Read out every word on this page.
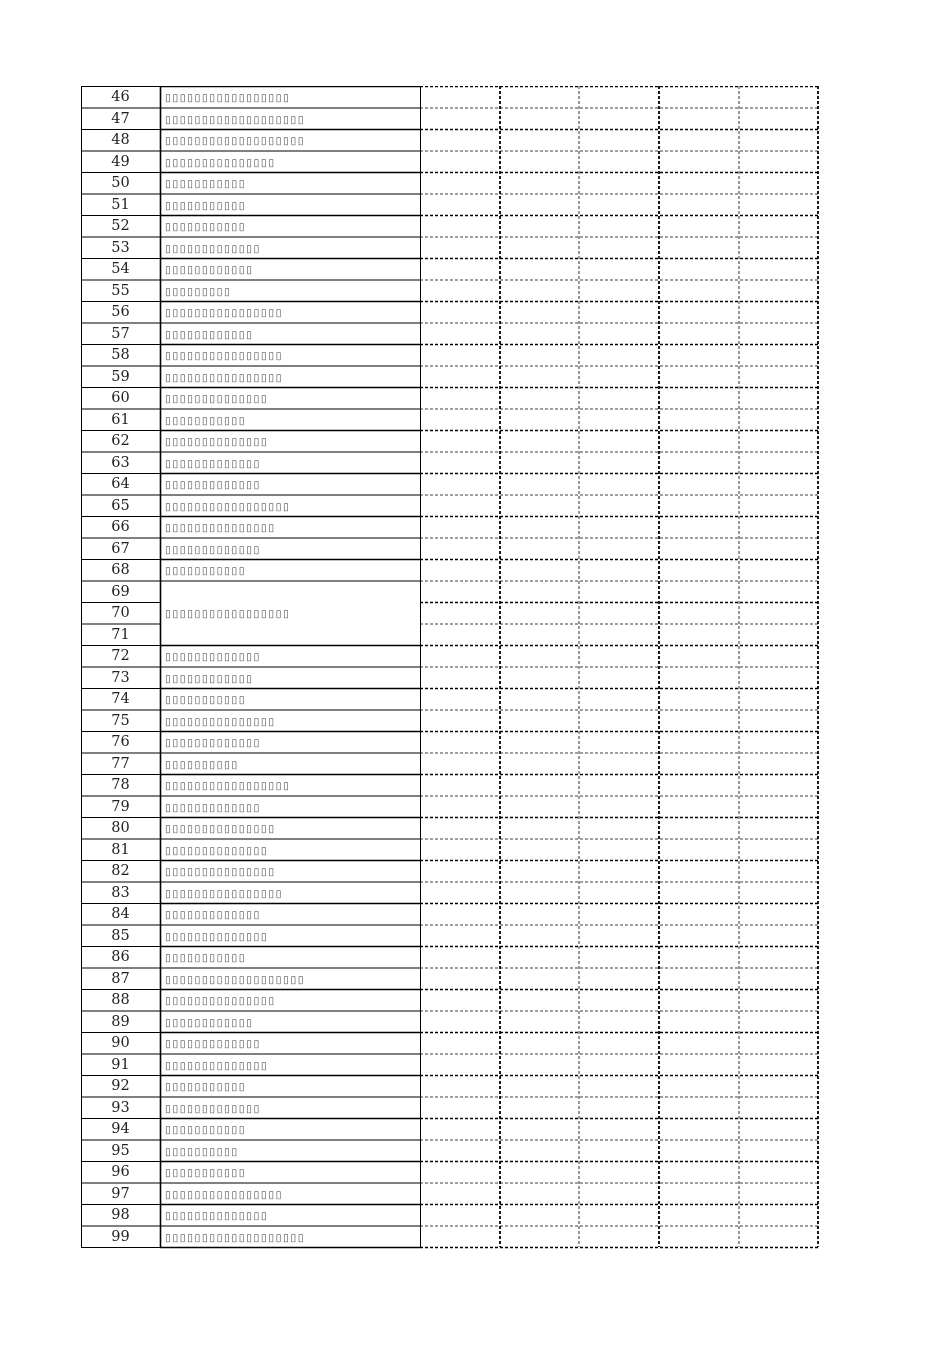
46	▯▯▯▯▯▯▯▯▯▯▯▯▯▯▯▯▯
47	▯▯▯▯▯▯▯▯▯▯▯▯▯▯▯▯▯▯▯
48	▯▯▯▯▯▯▯▯▯▯▯▯▯▯▯▯▯▯▯
49	▯▯▯▯▯▯▯▯▯▯▯▯▯▯▯
50	▯▯▯▯▯▯▯▯▯▯▯
51	▯▯▯▯▯▯▯▯▯▯▯
52	▯▯▯▯▯▯▯▯▯▯▯
53	▯▯▯▯▯▯▯▯▯▯▯▯▯
54	▯▯▯▯▯▯▯▯▯▯▯▯
55	▯▯▯▯▯▯▯▯▯
56	▯▯▯▯▯▯▯▯▯▯▯▯▯▯▯▯
57	▯▯▯▯▯▯▯▯▯▯▯▯
58	▯▯▯▯▯▯▯▯▯▯▯▯▯▯▯▯
59	▯▯▯▯▯▯▯▯▯▯▯▯▯▯▯▯
60	▯▯▯▯▯▯▯▯▯▯▯▯▯▯
61	▯▯▯▯▯▯▯▯▯▯▯
62	▯▯▯▯▯▯▯▯▯▯▯▯▯▯
63	▯▯▯▯▯▯▯▯▯▯▯▯▯
64	▯▯▯▯▯▯▯▯▯▯▯▯▯
65	▯▯▯▯▯▯▯▯▯▯▯▯▯▯▯▯▯
66	▯▯▯▯▯▯▯▯▯▯▯▯▯▯▯
67	▯▯▯▯▯▯▯▯▯▯▯▯▯
68	▯▯▯▯▯▯▯▯▯▯▯
69
70	▯▯▯▯▯▯▯▯▯▯▯▯▯▯▯▯▯
71
72	▯▯▯▯▯▯▯▯▯▯▯▯▯
73	▯▯▯▯▯▯▯▯▯▯▯▯
74	▯▯▯▯▯▯▯▯▯▯▯
75	▯▯▯▯▯▯▯▯▯▯▯▯▯▯▯
76	▯▯▯▯▯▯▯▯▯▯▯▯▯
77	▯▯▯▯▯▯▯▯▯▯
78	▯▯▯▯▯▯▯▯▯▯▯▯▯▯▯▯▯
79	▯▯▯▯▯▯▯▯▯▯▯▯▯
80	▯▯▯▯▯▯▯▯▯▯▯▯▯▯▯
81	▯▯▯▯▯▯▯▯▯▯▯▯▯▯
82	▯▯▯▯▯▯▯▯▯▯▯▯▯▯▯
83	▯▯▯▯▯▯▯▯▯▯▯▯▯▯▯▯
84	▯▯▯▯▯▯▯▯▯▯▯▯▯
85	▯▯▯▯▯▯▯▯▯▯▯▯▯▯
86	▯▯▯▯▯▯▯▯▯▯▯
87	▯▯▯▯▯▯▯▯▯▯▯▯▯▯▯▯▯▯▯
88	▯▯▯▯▯▯▯▯▯▯▯▯▯▯▯
89	▯▯▯▯▯▯▯▯▯▯▯▯
90	▯▯▯▯▯▯▯▯▯▯▯▯▯
91	▯▯▯▯▯▯▯▯▯▯▯▯▯▯
92	▯▯▯▯▯▯▯▯▯▯▯
93	▯▯▯▯▯▯▯▯▯▯▯▯▯
94	▯▯▯▯▯▯▯▯▯▯▯
95	▯▯▯▯▯▯▯▯▯▯
96	▯▯▯▯▯▯▯▯▯▯▯
97	▯▯▯▯▯▯▯▯▯▯▯▯▯▯▯▯
98	▯▯▯▯▯▯▯▯▯▯▯▯▯▯
99	▯▯▯▯▯▯▯▯▯▯▯▯▯▯▯▯▯▯▯
